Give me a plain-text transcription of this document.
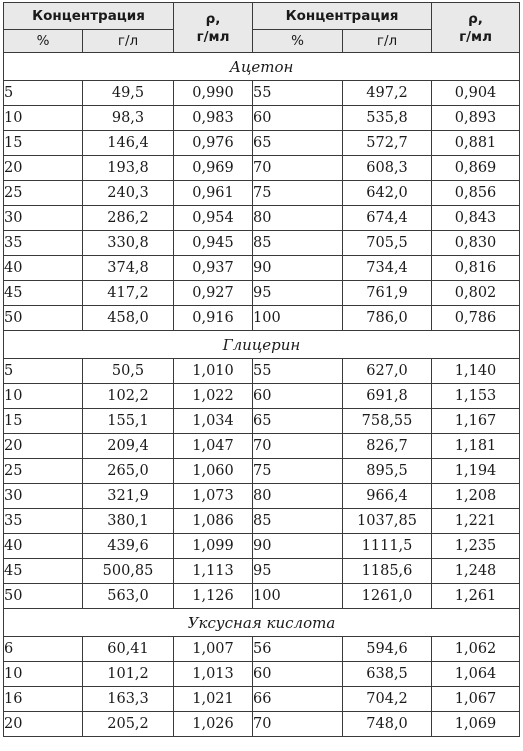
Концентрация		ρ,
г/мл	Концентрация		ρ,
г/мл
%	г/л		%	г/л	
Ацетон					
5	49,5	0,990	55	497,2	0,904
10	98,3	0,983	60	535,8	0,893
15	146,4	0,976	65	572,7	0,881
20	193,8	0,969	70	608,3	0,869
25	240,3	0,961	75	642,0	0,856
30	286,2	0,954	80	674,4	0,843
35	330,8	0,945	85	705,5	0,830
40	374,8	0,937	90	734,4	0,816
45	417,2	0,927	95	761,9	0,802
50	458,0	0,916	100	786,0	0,786
Глицерин					
5	50,5	1,010	55	627,0	1,140
10	102,2	1,022	60	691,8	1,153
15	155,1	1,034	65	758,55	1,167
20	209,4	1,047	70	826,7	1,181
25	265,0	1,060	75	895,5	1,194
30	321,9	1,073	80	966,4	1,208
35	380,1	1,086	85	1037,85	1,221
40	439,6	1,099	90	1111,5	1,235
45	500,85	1,113	95	1185,6	1,248
50	563,0	1,126	100	1261,0	1,261
Уксусная кислота					
6	60,41	1,007	56	594,6	1,062
10	101,2	1,013	60	638,5	1,064
16	163,3	1,021	66	704,2	1,067
20	205,2	1,026	70	748,0	1,069
